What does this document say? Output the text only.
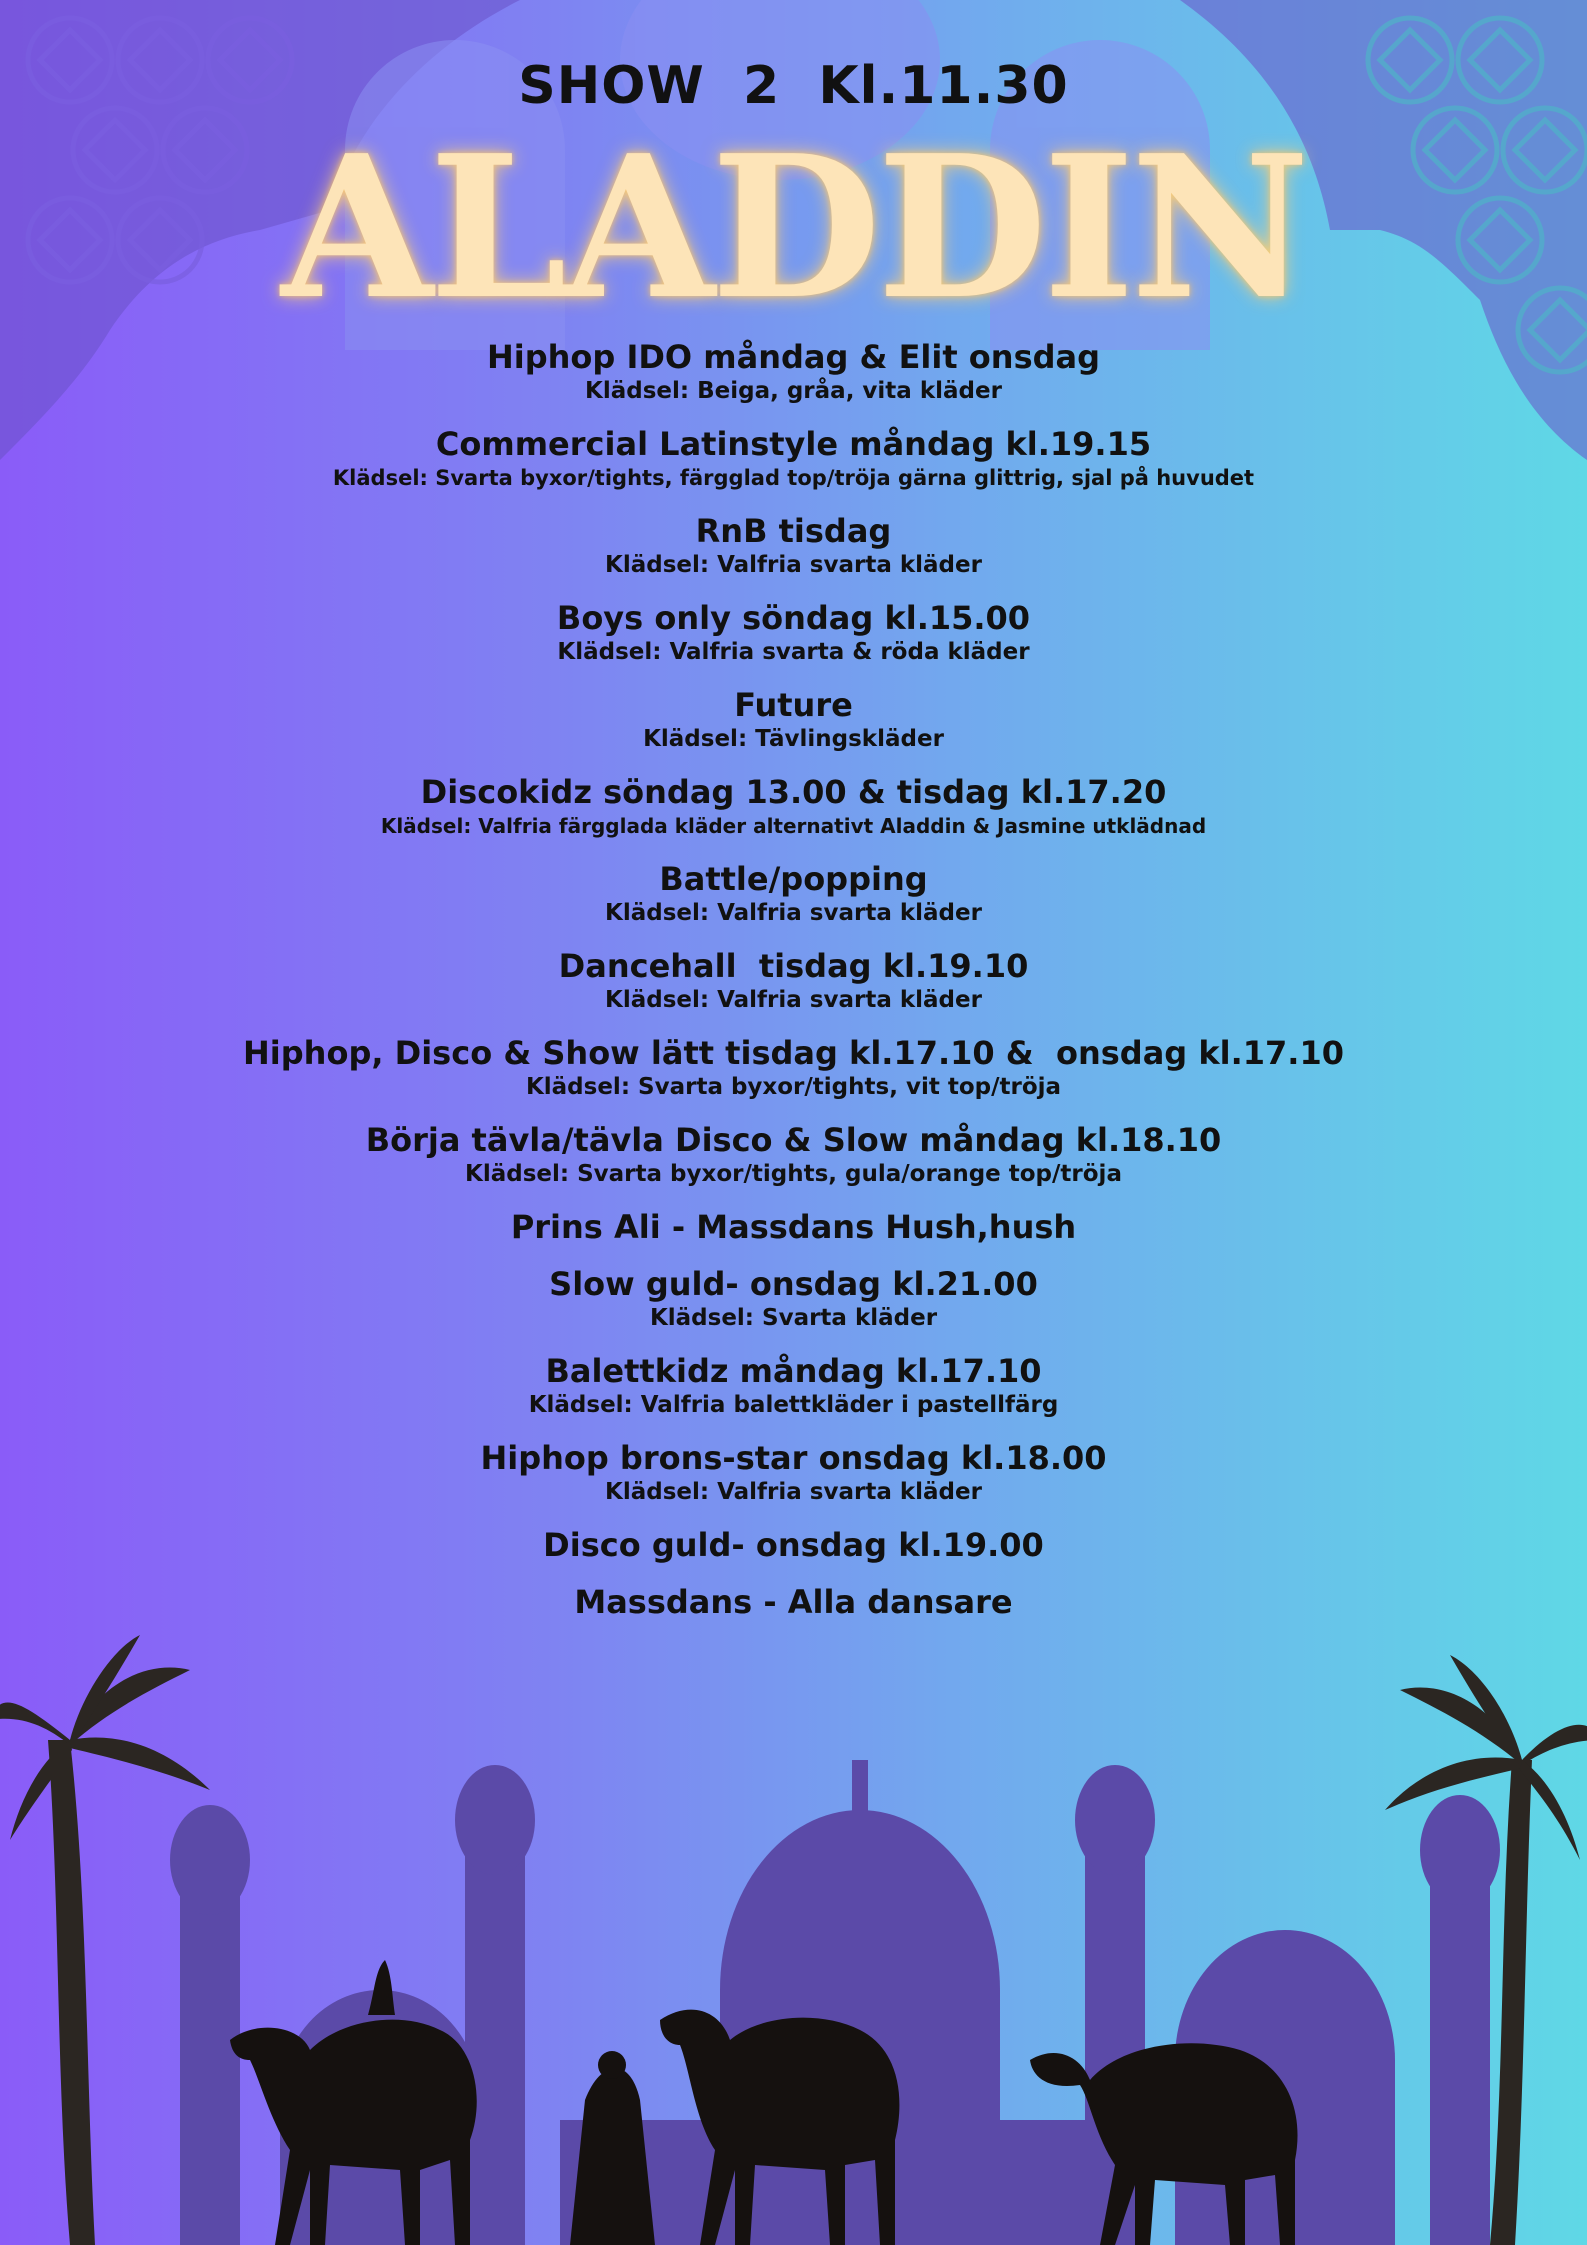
SHOW  2  Kl.11.30
ALADDIN
Hiphop IDO måndag & Elit onsdag
Klädsel: Beiga, gråa, vita kläder
Commercial Latinstyle måndag kl.19.15
Klädsel: Svarta byxor/tights, färgglad top/tröja gärna glittrig, sjal på huvudet
RnB tisdag
Klädsel: Valfria svarta kläder
Boys only söndag kl.15.00
Klädsel: Valfria svarta & röda kläder
Future
Klädsel: Tävlingskläder
Discokidz söndag 13.00 & tisdag kl.17.20
Klädsel: Valfria färgglada kläder alternativt Aladdin & Jasmine utklädnad
Battle/popping
Klädsel: Valfria svarta kläder
Dancehall  tisdag kl.19.10
Klädsel: Valfria svarta kläder
Hiphop, Disco & Show lätt tisdag kl.17.10 &  onsdag kl.17.10
Klädsel: Svarta byxor/tights, vit top/tröja
Börja tävla/tävla Disco & Slow måndag kl.18.10
Klädsel: Svarta byxor/tights, gula/orange top/tröja
Prins Ali - Massdans Hush,hush
Slow guld- onsdag kl.21.00
Klädsel: Svarta kläder
Balettkidz måndag kl.17.10
Klädsel: Valfria balettkläder i pastellfärg
Hiphop brons-star onsdag kl.18.00
Klädsel: Valfria svarta kläder
Disco guld- onsdag kl.19.00
Massdans - Alla dansare
